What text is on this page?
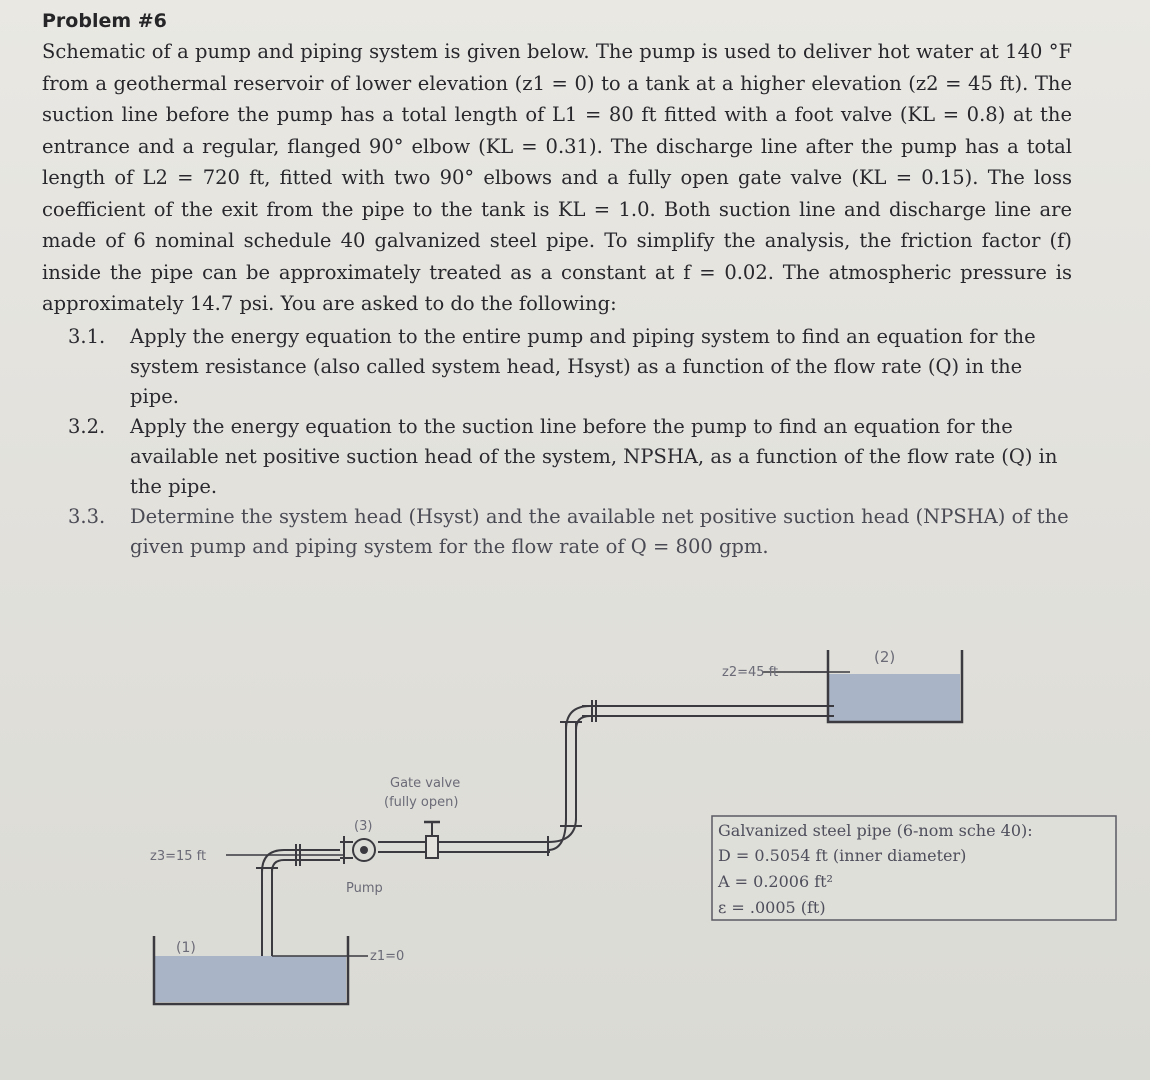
Problem #6

Schematic of a pump and piping system is given below. The pump is used to deliver hot water at 140 °F from a geothermal reservoir of lower elevation (z1 = 0) to a tank at a higher elevation (z2 = 45 ft). The suction line before the pump has a total length of L1 = 80 ft fitted with a foot valve (KL = 0.8) at the entrance and a regular, flanged 90° elbow (KL = 0.31). The discharge line after the pump has a total length of L2 = 720 ft, fitted with two 90° elbows and a fully open gate valve (KL = 0.15). The loss coefficient of the exit from the pipe to the tank is KL = 1.0. Both suction line and discharge line are made of 6 nominal schedule 40 galvanized steel pipe. To simplify the analysis, the friction factor (f) inside the pipe can be approximately treated as a constant at f = 0.02. The atmospheric pressure is approximately 14.7 psi. You are asked to do the following:

3.1.	Apply the energy equation to the entire pump and piping system to find an equation for the system resistance (also called system head, Hsyst) as a function of the flow rate (Q) in the pipe.
3.2.	Apply the energy equation to the suction line before the pump to find an equation for the available net positive suction head of the system, NPSHA, as a function of the flow rate (Q) in the pipe.
3.3.	Determine the system head (Hsyst) and the available net positive suction head (NPSHA) of the given pump and piping system for the flow rate of Q = 800 gpm.
z2=45 ft
(2)
Gate valve
(fully open)
(3)
Pump
z3=15 ft
(1)
z1=0
Galvanized steel pipe (6-nom sche 40):
D = 0.5054 ft (inner diameter)
A = 0.2006 ft²
ε = .0005 (ft)
